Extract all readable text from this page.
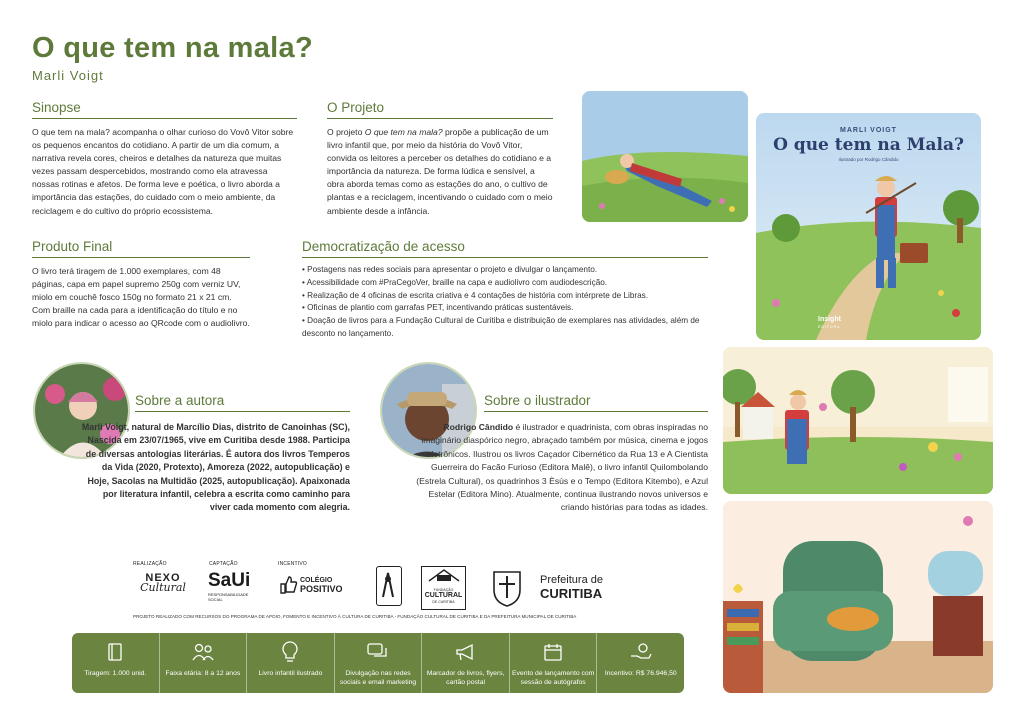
O que tem na mala?
Marli Voigt
Sinopse

O que tem na mala? acompanha o olhar curioso do Vovô Vitor sobre os pequenos encantos do cotidiano. A partir de um dia comum, a narrativa revela cores, cheiros e detalhes da natureza que muitas vezes passam despercebidos, mostrando como ela atravessa nossas rotinas e afetos. De forma leve e poética, o livro aborda a importância das estações, do cuidado com o meio ambiente, da reciclagem e do cultivo do próprio ecossistema.

O Projeto

O projeto O que tem na mala? propõe a publicação de um livro infantil que, por meio da história do Vovô Vitor, convida os leitores a perceber os detalhes do cotidiano e a importância da natureza. De forma lúdica e sensível, a obra aborda temas como as estações do ano, o cultivo de plantas e a reciclagem, incentivando o cuidado com o meio ambiente desde a infância.

Produto Final

O livro terá tiragem de 1.000 exemplares, com 48 páginas, capa em papel supremo 250g com verniz UV, miolo em couchê fosco 150g no formato 21 x 21 cm. Com braille na cada para a identificação do título e no miolo para indicar o acesso ao QRcode com o audiolivro.

Democratização de acesso
• Postagens nas redes sociais para apresentar o projeto e divulgar o lançamento.
• Acessibilidade com #PraCegoVer, braille na capa e audiolivro com audiodescrição.
• Realização de 4 oficinas de escrita criativa e 4 contações de história com intérprete de Libras.
• Oficinas de plantio com garrafas PET, incentivando práticas sustentáveis.
• Doação de livros para a Fundação Cultural de Curitiba e distribuição de exemplares nas atividades, além de desconto no lançamento.
MARLI VOIGT
O que tem na Mala?
Ilustrado por Rodrigo Cândido
Insight
EDITORA
Sobre a autora

Marli Voigt, natural de Marcílio Dias, distrito de Canoinhas (SC), Nascida em 23/07/1965, vive em Curitiba desde 1988. Participa de diversas antologias literárias. É autora dos livros Temperos da Vida (2020, Protexto), Amoreza (2022, autopublicação) e Hoje, Sacolas na Multidão (2025, autopublicação). Apaixonada por literatura infantil, celebra a escrita como caminho para viver cada momento com alegria.

Sobre o ilustrador

Rodrigo Cândido é ilustrador e quadrinista, com obras inspiradas no imaginário diaspórico negro, abraçado também por música, cinema e jogos eletrônicos. Ilustrou os livros Caçador Cibernético da Rua 13 e A Cientista Guerreira do Facão Furioso (Editora Malê), o livro infantil Quilombolando (Estrela Cultural), os quadrinhos 3 Èsùs e o Tempo (Editora Kitembo), e Azul Estelar (Editora Mino). Atualmente, continua ilustrando novos universos e criando histórias para todas as idades.

REALIZAÇÃO
NEXO
Cultural
CAPTAÇÃO
SaUi
RESPONSABILIDADE SOCIAL
INCENTIVO
COLÉGIO
POSITIVO	FUNDAÇÃO
CULTURAL
DE CURITIBA
Prefeitura de
CURITIBA
PROJETO REALIZADO COM RECURSOS DO PROGRAMA DE APOIO, FOMENTO E INCENTIVO À CULTURA DE CURITIBA - FUNDAÇÃO CULTURAL DE CURITIBA E DA PREFEITURA MUNICIPAL DE CURITIBA
Tiragem: 1.000 unid.	Faixa etária: 8 a 12 anos	Livro infantil ilustrado	Divulgação nas redes sociais e email marketing
Marcador de livros, flyers, cartão postal
Evento de lançamento com sessão de autógrafos
Incentivo: R$ 76.946,50
